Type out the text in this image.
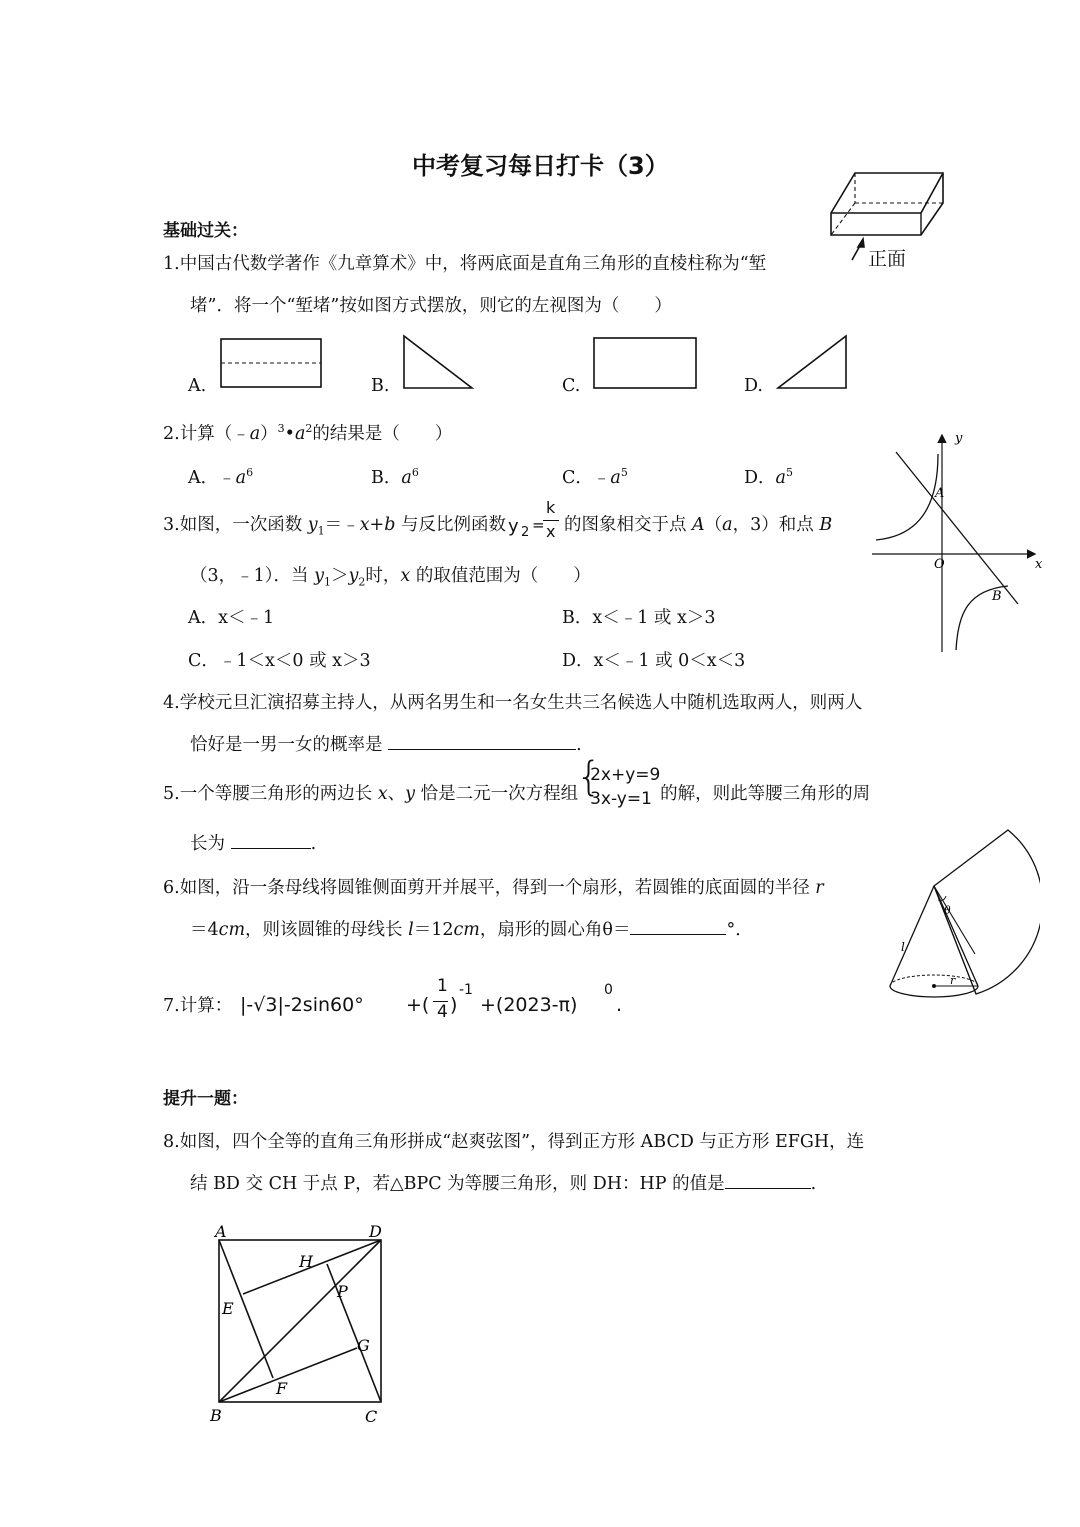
中考复习每日打卡（3）
正面
基础过关：
1.中国古代数学著作《九章算术》中，将两底面是直角三角形的直棱柱称为“堑
堵”．将一个“堑堵”按如图方式摆放，则它的左视图为（　　）
A.	B.	C.	D.
2.计算$(﹣a)^3•a^2$的结果是（　　）
A．$﹣a^6$	B．$a^6$	C．$﹣a^5$	D．$a^5$
y
x
O
A
B
3.如图，一次函数 $y_1=﹣x+b$ 与反比例函数 y 2 =
k
x 的图象相交于点 A（a，3）和点 B
（3，﹣1）．当 $y_1>y_2$时，x 的取值范围为（　　）
A．x＜﹣1	B．x＜﹣1 或 x＞3
C．﹣1＜x＜0 或 x＞3	D．x＜﹣1 或 0＜x＜3
4.学校元旦汇演招募主持人，从两名男生和一名女生共三名候选人中随机选取两人，则两人
恰好是一男一女的概率是	.
5.一个等腰三角形的两边长 x、y 恰是二元一次方程组
{
2x+y=9
3x-y=1 的解，则此等腰三角形的周
长为	.
θ
l
r
6.如图，沿一条母线将圆锥侧面剪开并展平，得到一个扇形，若圆锥的底面圆的半径 r
＝4cm，则该圆锥的母线长 l＝12cm，扇形的圆心角θ＝	°．
7.计算： |-√3|-2sin60° +(
1
4 )
-1
+(2023-π)
0
.
提升一题：
8.如图，四个全等的直角三角形拼成“赵爽弦图”，得到正方形 ABCD 与正方形 EFGH，连
结 BD 交 CH 于点 P，若△BPC 为等腰三角形，则 DH：HP 的值是	.
A	D
B	C
H
P
E
G
F
